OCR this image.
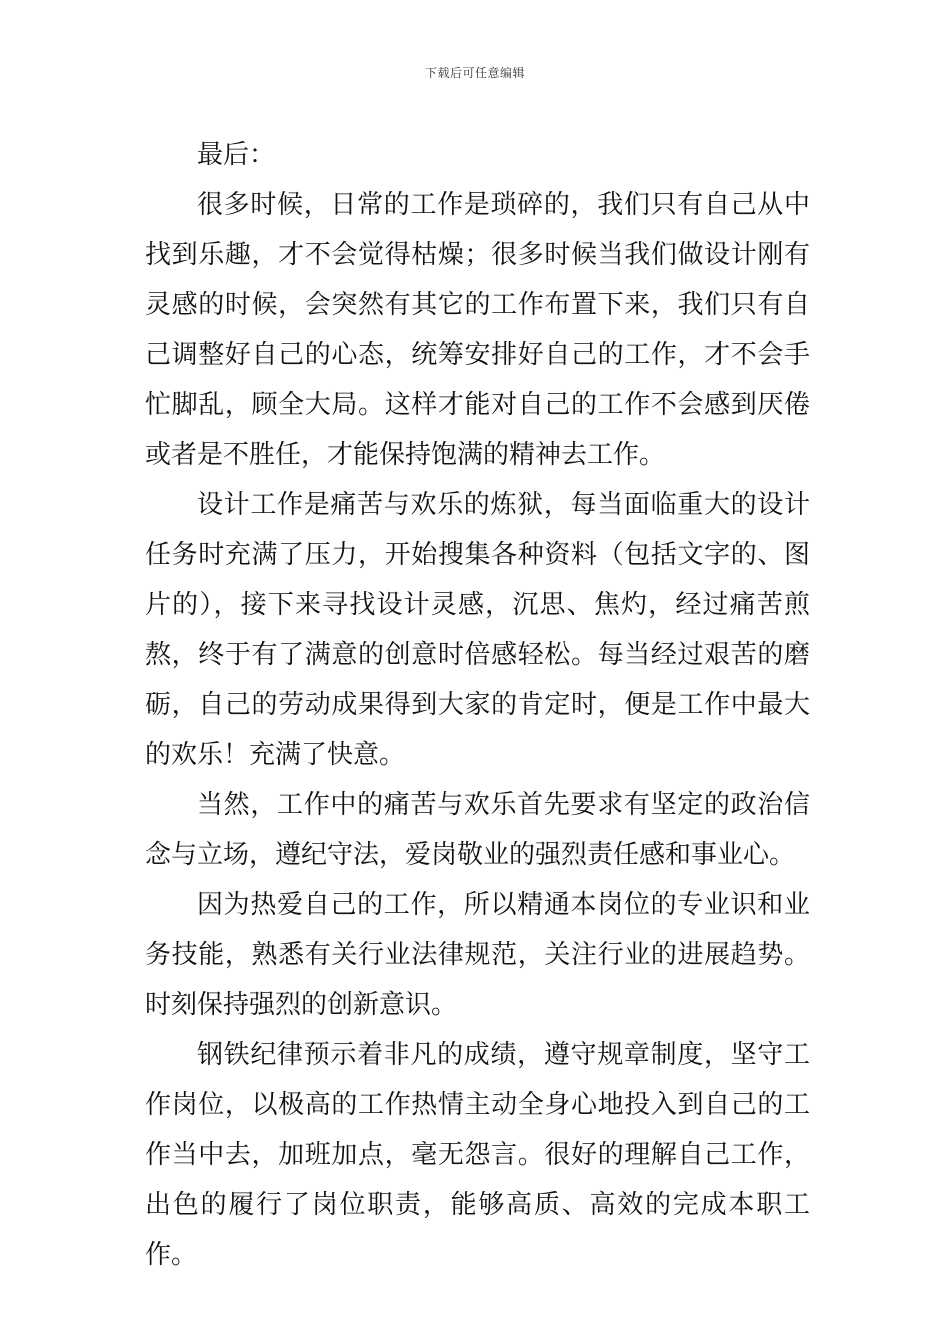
下载后可任意编辑

最后：

很多时候，日常的工作是琐碎的，我们只有自己从中找到乐趣，才不会觉得枯燥；很多时候当我们做设计刚有灵感的时候，会突然有其它的工作布置下来，我们只有自己调整好自己的心态，统筹安排好自己的工作，才不会手忙脚乱，顾全大局。这样才能对自己的工作不会感到厌倦或者是不胜任，才能保持饱满的精神去工作。

设计工作是痛苦与欢乐的炼狱，每当面临重大的设计任务时充满了压力，开始搜集各种资料（包括文字的、图片的），接下来寻找设计灵感，沉思、焦灼，经过痛苦煎熬，终于有了满意的创意时倍感轻松。每当经过艰苦的磨砺，自己的劳动成果得到大家的肯定时，便是工作中最大的欢乐！充满了快意。

当然，工作中的痛苦与欢乐首先要求有坚定的政治信念与立场，遵纪守法，爱岗敬业的强烈责任感和事业心。

因为热爱自己的工作，所以精通本岗位的专业识和业务技能，熟悉有关行业法律规范，关注行业的进展趋势。时刻保持强烈的创新意识。

钢铁纪律预示着非凡的成绩，遵守规章制度，坚守工作岗位，以极高的工作热情主动全身心地投入到自己的工作当中去，加班加点，毫无怨言。很好的理解自己工作，出色的履行了岗位职责，能够高质、高效的完成本职工作。
